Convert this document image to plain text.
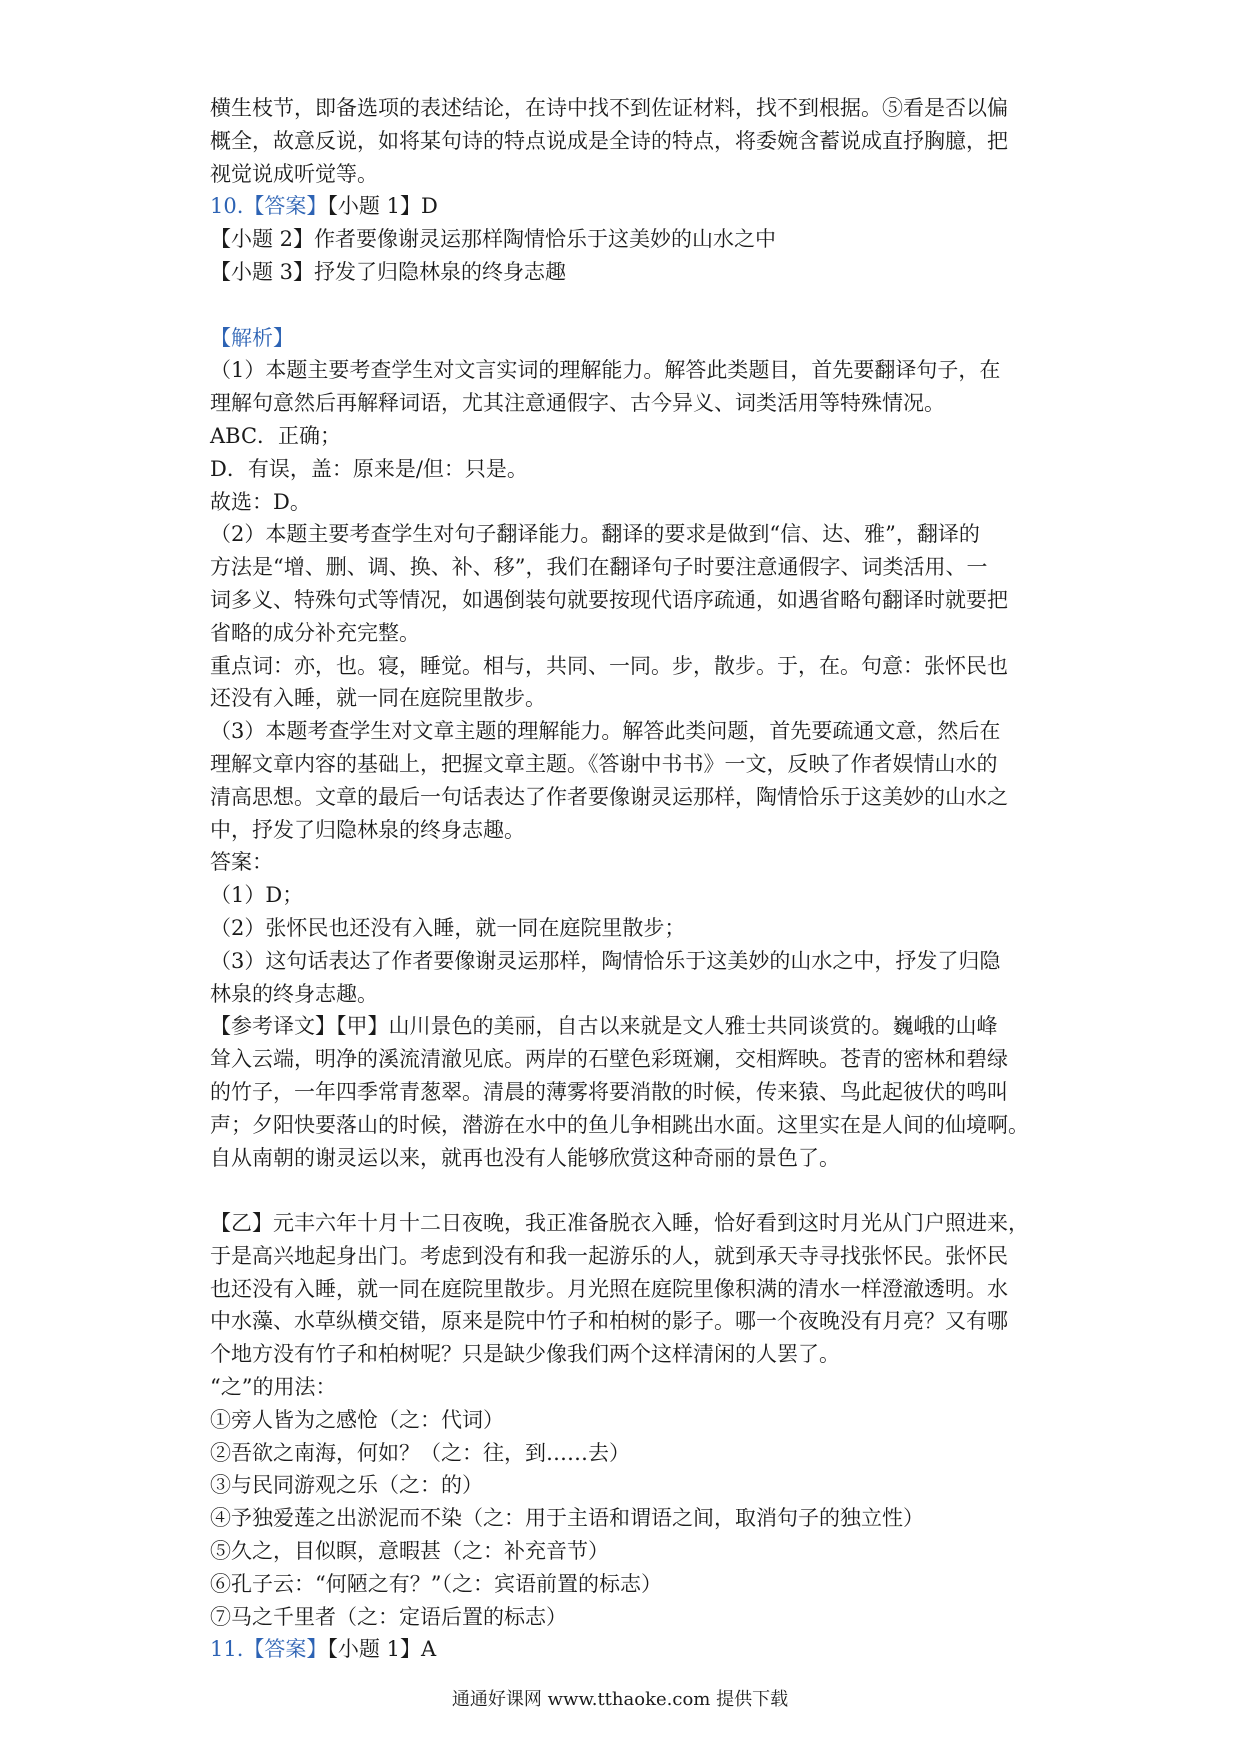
横生枝节，即备选项的表述结论，在诗中找不到佐证材料，找不到根据。⑤看是否以偏
概全，故意反说，如将某句诗的特点说成是全诗的特点，将委婉含蓄说成直抒胸臆，把
视觉说成听觉等。
10.【答案】【小题 1】D
【小题 2】作者要像谢灵运那样陶情恰乐于这美妙的山水之中
【小题 3】抒发了归隐林泉的终身志趣
【解析】
（1）本题主要考查学生对文言实词的理解能力。解答此类题目，首先要翻译句子，在
理解句意然后再解释词语，尤其注意通假字、古今异义、词类活用等特殊情况。
ABC．正确；
D．有误，盖：原来是/但：只是。
故选：D。
（2）本题主要考查学生对句子翻译能力。翻译的要求是做到“信、达、雅”，翻译的
方法是“增、删、调、换、补、移”，我们在翻译句子时要注意通假字、词类活用、一
词多义、特殊句式等情况，如遇倒装句就要按现代语序疏通，如遇省略句翻译时就要把
省略的成分补充完整。
重点词：亦，也。寝，睡觉。相与，共同、一同。步，散步。于，在。句意：张怀民也
还没有入睡，就一同在庭院里散步。
（3）本题考查学生对文章主题的理解能力。解答此类问题，首先要疏通文意，然后在
理解文章内容的基础上，把握文章主题。《答谢中书书》一文，反映了作者娱情山水的
清高思想。文章的最后一句话表达了作者要像谢灵运那样，陶情恰乐于这美妙的山水之
中，抒发了归隐林泉的终身志趣。
答案：
（1）D；
（2）张怀民也还没有入睡，就一同在庭院里散步；
（3）这句话表达了作者要像谢灵运那样，陶情恰乐于这美妙的山水之中，抒发了归隐
林泉的终身志趣。
【参考译文】【甲】山川景色的美丽，自古以来就是文人雅士共同谈赏的。巍峨的山峰
耸入云端，明净的溪流清澈见底。两岸的石壁色彩斑斓，交相辉映。苍青的密林和碧绿
的竹子，一年四季常青葱翠。清晨的薄雾将要消散的时候，传来猿、鸟此起彼伏的鸣叫
声；夕阳快要落山的时候，潜游在水中的鱼儿争相跳出水面。这里实在是人间的仙境啊。
自从南朝的谢灵运以来，就再也没有人能够欣赏这种奇丽的景色了。
【乙】元丰六年十月十二日夜晚，我正准备脱衣入睡，恰好看到这时月光从门户照进来，
于是高兴地起身出门。考虑到没有和我一起游乐的人，就到承天寺寻找张怀民。张怀民
也还没有入睡，就一同在庭院里散步。月光照在庭院里像积满的清水一样澄澈透明。水
中水藻、水草纵横交错，原来是院中竹子和柏树的影子。哪一个夜晚没有月亮？又有哪
个地方没有竹子和柏树呢？只是缺少像我们两个这样清闲的人罢了。
“之”的用法：
①旁人皆为之感怆（之：代词）
②吾欲之南海，何如？（之：往，到……去）
③与民同游观之乐（之：的）
④予独爱莲之出淤泥而不染（之：用于主语和谓语之间，取消句子的独立性）
⑤久之，目似瞑，意暇甚（之：补充音节）
⑥孔子云：“何陋之有？”（之：宾语前置的标志）
⑦马之千里者（之：定语后置的标志）
11.【答案】【小题 1】A
通通好课网 www.tthaoke.com 提供下载
